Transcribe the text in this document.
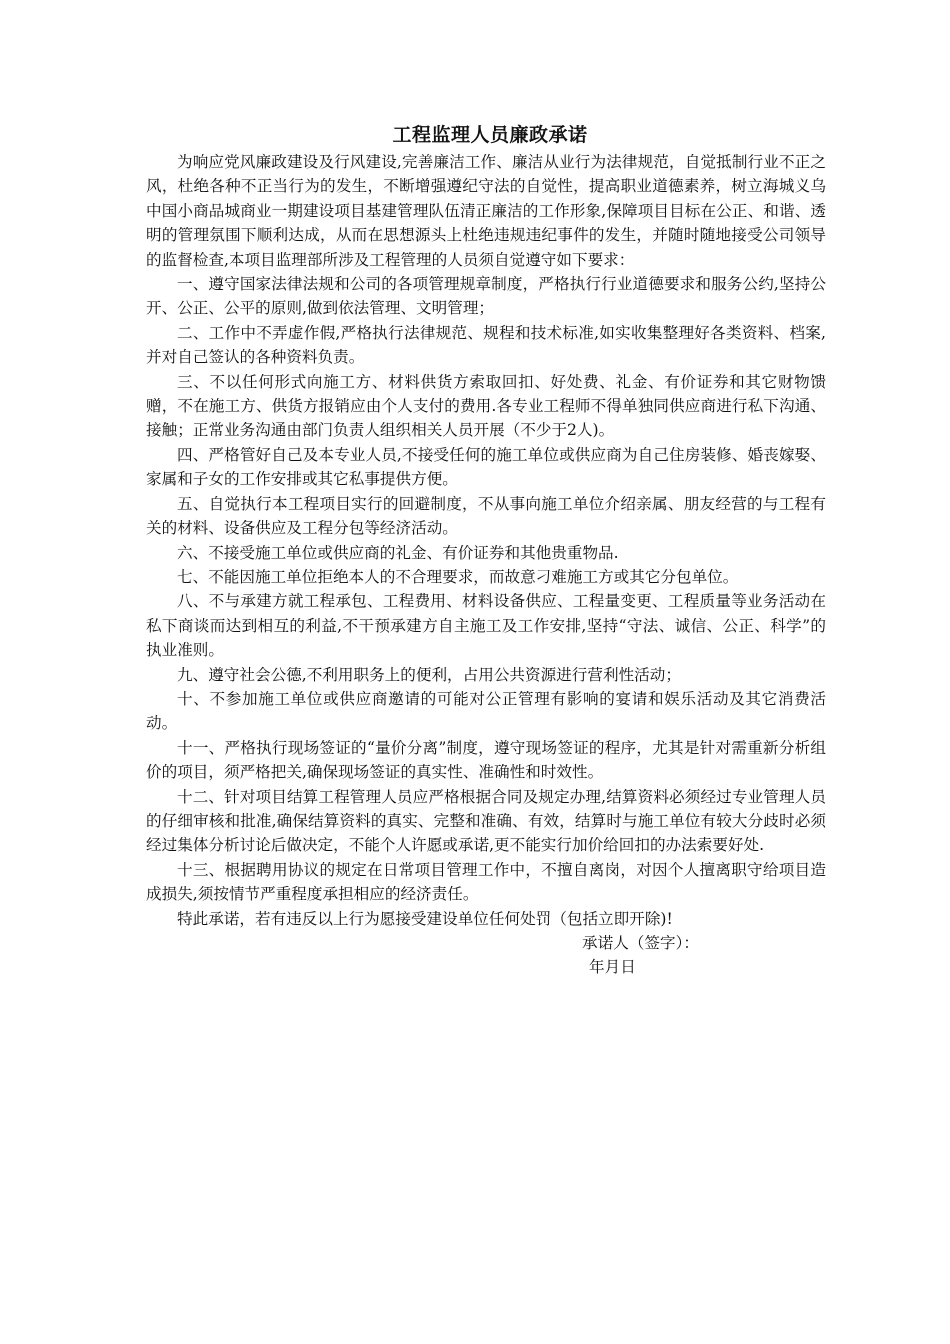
工程监理人员廉政承诺

为响应党风廉政建设及行风建设,完善廉洁工作、廉洁从业行为法律规范，自觉抵制行业不正之风，杜绝各种不正当行为的发生，不断增强遵纪守法的自觉性，提高职业道德素养，树立海城义乌中国小商品城商业一期建设项目基建管理队伍清正廉洁的工作形象,保障项目目标在公正、和谐、透明的管理氛围下顺利达成，从而在思想源头上杜绝违规违纪事件的发生，并随时随地接受公司领导的监督检查,本项目监理部所涉及工程管理的人员须自觉遵守如下要求：

一、遵守国家法律法规和公司的各项管理规章制度，严格执行行业道德要求和服务公约,坚持公开、公正、公平的原则,做到依法管理、文明管理；

二、工作中不弄虚作假,严格执行法律规范、规程和技术标准,如实收集整理好各类资料、档案,并对自己签认的各种资料负责。

三、不以任何形式向施工方、材料供货方索取回扣、好处费、礼金、有价证券和其它财物馈赠，不在施工方、供货方报销应由个人支付的费用.各专业工程师不得单独同供应商进行私下沟通、接触；正常业务沟通由部门负责人组织相关人员开展（不少于2人)。

四、严格管好自己及本专业人员,不接受任何的施工单位或供应商为自己住房装修、婚丧嫁娶、家属和子女的工作安排或其它私事提供方便。

五、自觉执行本工程项目实行的回避制度，不从事向施工单位介绍亲属、朋友经营的与工程有关的材料、设备供应及工程分包等经济活动。

六、不接受施工单位或供应商的礼金、有价证券和其他贵重物品.

七、不能因施工单位拒绝本人的不合理要求，而故意刁难施工方或其它分包单位。

八、不与承建方就工程承包、工程费用、材料设备供应、工程量变更、工程质量等业务活动在私下商谈而达到相互的利益,不干预承建方自主施工及工作安排,坚持“守法、诚信、公正、科学”的执业准则。

九、遵守社会公德,不利用职务上的便利，占用公共资源进行营利性活动；

十、不参加施工单位或供应商邀请的可能对公正管理有影响的宴请和娱乐活动及其它消费活动。

十一、严格执行现场签证的“量价分离”制度，遵守现场签证的程序，尤其是针对需重新分析组价的项目，须严格把关,确保现场签证的真实性、准确性和时效性。

十二、针对项目结算工程管理人员应严格根据合同及规定办理,结算资料必须经过专业管理人员的仔细审核和批准,确保结算资料的真实、完整和准确、有效，结算时与施工单位有较大分歧时必须经过集体分析讨论后做决定，不能个人许愿或承诺,更不能实行加价给回扣的办法索要好处.

十三、根据聘用协议的规定在日常项目管理工作中，不擅自离岗，对因个人擅离职守给项目造成损失,须按情节严重程度承担相应的经济责任。

特此承诺，若有违反以上行为愿接受建设单位任何处罚（包括立即开除)!

承诺人（签字）：

年月日
